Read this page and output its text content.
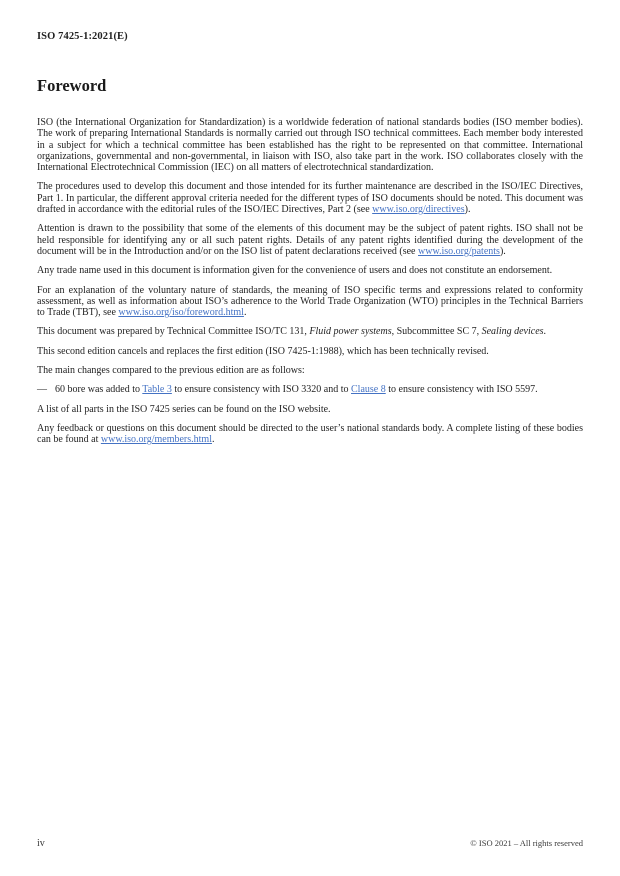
ISO 7425-1:2021(E)
Foreword

ISO (the International Organization for Standardization) is a worldwide federation of national standards bodies (ISO member bodies). The work of preparing International Standards is normally carried out through ISO technical committees. Each member body interested in a subject for which a technical committee has been established has the right to be represented on that committee. International organizations, governmental and non-governmental, in liaison with ISO, also take part in the work. ISO collaborates closely with the International Electrotechnical Commission (IEC) on all matters of electrotechnical standardization.

The procedures used to develop this document and those intended for its further maintenance are described in the ISO/IEC Directives, Part 1. In particular, the different approval criteria needed for the different types of ISO documents should be noted. This document was drafted in accordance with the editorial rules of the ISO/IEC Directives, Part 2 (see www.iso.org/directives).

Attention is drawn to the possibility that some of the elements of this document may be the subject of patent rights. ISO shall not be held responsible for identifying any or all such patent rights. Details of any patent rights identified during the development of the document will be in the Introduction and/or on the ISO list of patent declarations received (see www.iso.org/patents).

Any trade name used in this document is information given for the convenience of users and does not constitute an endorsement.

For an explanation of the voluntary nature of standards, the meaning of ISO specific terms and expressions related to conformity assessment, as well as information about ISO’s adherence to the World Trade Organization (WTO) principles in the Technical Barriers to Trade (TBT), see www.iso.org/iso/foreword.html.

This document was prepared by Technical Committee ISO/TC 131, Fluid power systems, Subcommittee SC 7, Sealing devices.

This second edition cancels and replaces the first edition (ISO 7425-1:1988), which has been technically revised.

The main changes compared to the previous edition are as follows:

— 60 bore was added to Table 3 to ensure consistency with ISO 3320 and to Clause 8 to ensure consistency with ISO 5597.

A list of all parts in the ISO 7425 series can be found on the ISO website.

Any feedback or questions on this document should be directed to the user’s national standards body. A complete listing of these bodies can be found at www.iso.org/members.html.

iv	© ISO 2021 – All rights reserved
